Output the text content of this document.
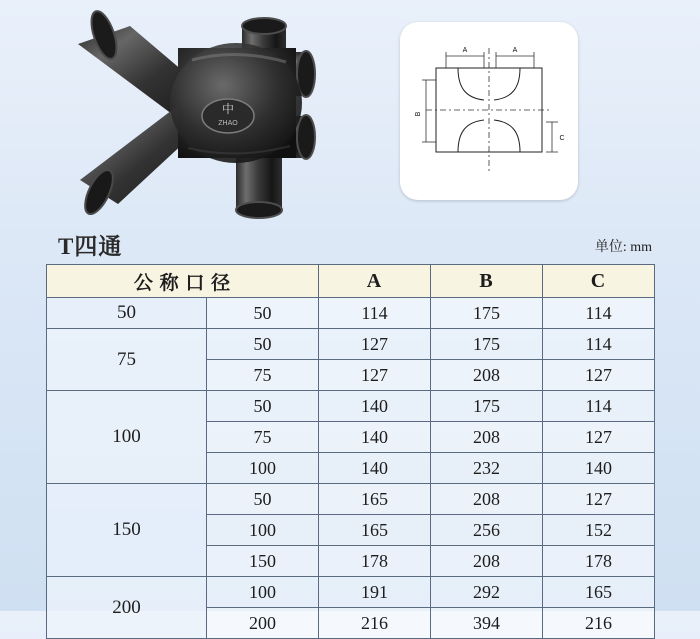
中
ZHAO
A	A
B
C
T四通	单位: mm
公 称 口 径		A	B	C
50	50	114	175	114
75	50	127	175	114
	75	127	208	127
100	50	140	175	114
	75	140	208	127
	100	140	232	140
150	50	165	208	127
	100	165	256	152
	150	178	208	178
200	100	191	292	165
	200	216	394	216
